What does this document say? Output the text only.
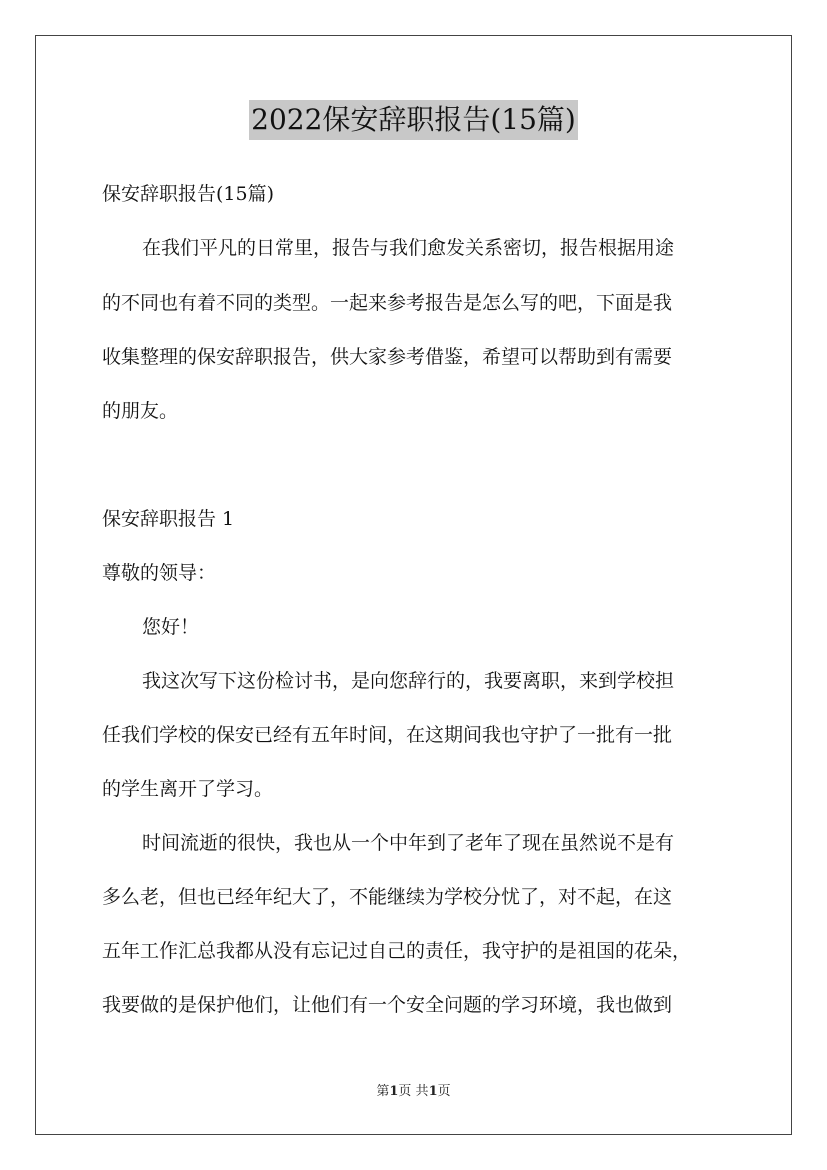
2022保安辞职报告(15篇)
保安辞职报告(15篇)
在我们平凡的日常里，报告与我们愈发关系密切，报告根据用途
的不同也有着不同的类型。一起来参考报告是怎么写的吧，下面是我
收集整理的保安辞职报告，供大家参考借鉴，希望可以帮助到有需要
的朋友。
保安辞职报告 1
尊敬的领导：
您好！
我这次写下这份检讨书，是向您辞行的，我要离职，来到学校担
任我们学校的保安已经有五年时间，在这期间我也守护了一批有一批
的学生离开了学习。
时间流逝的很快，我也从一个中年到了老年了现在虽然说不是有
多么老，但也已经年纪大了，不能继续为学校分忧了，对不起，在这
五年工作汇总我都从没有忘记过自己的责任，我守护的是祖国的花朵，
我要做的是保护他们，让他们有一个安全问题的学习环境，我也做到
第1页 共1页
